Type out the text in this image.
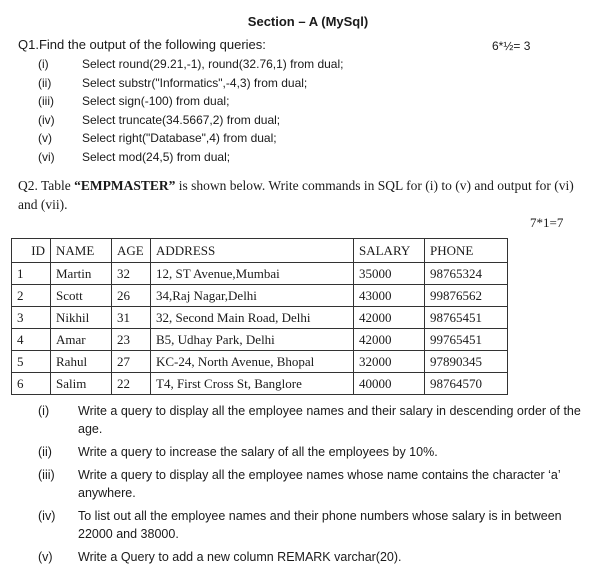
Section – A (MySql)
Q1.Find the output of the following queries:	6*½= 3
(i)	Select round(29.21,-1), round(32.76,1) from dual;
(ii)	Select substr("Informatics",-4,3) from dual;
(iii) Select sign(-100) from dual;
(iv) Select truncate(34.5667,2) from dual;
(v)	Select right("Database",4) from dual;
(vi) Select mod(24,5) from dual;
Q2. Table “EMPMASTER” is shown below. Write commands in SQL for (i) to (v) and output for (vi) and (vii).
7*1=7
ID	NAME	AGE	ADDRESS	SALARY	PHONE
1	Martin	32	12, ST Avenue,Mumbai	35000	98765324
2	Scott	26	34,Raj Nagar,Delhi	43000	99876562
3	Nikhil	31	32, Second Main Road, Delhi	42000	98765451
4	Amar	23	B5, Udhay Park, Delhi	42000	99765451
5	Rahul	27	KC-24, North Avenue, Bhopal	32000	97890345
6	Salim	22	T4, First Cross St, Banglore	40000	98764570
(i)	Write a query to display all the employee names and their salary in descending order of the age.
(ii)	Write a query to increase the salary of all the employees by 10%.
(iii)	Write a query to display all the employee names whose name contains the character ‘a’ anywhere.
(iv)	To list out all the employee names and their phone numbers whose salary is in between 22000 and 38000.
(v)	Write a Query to add a new column REMARK varchar(20).
